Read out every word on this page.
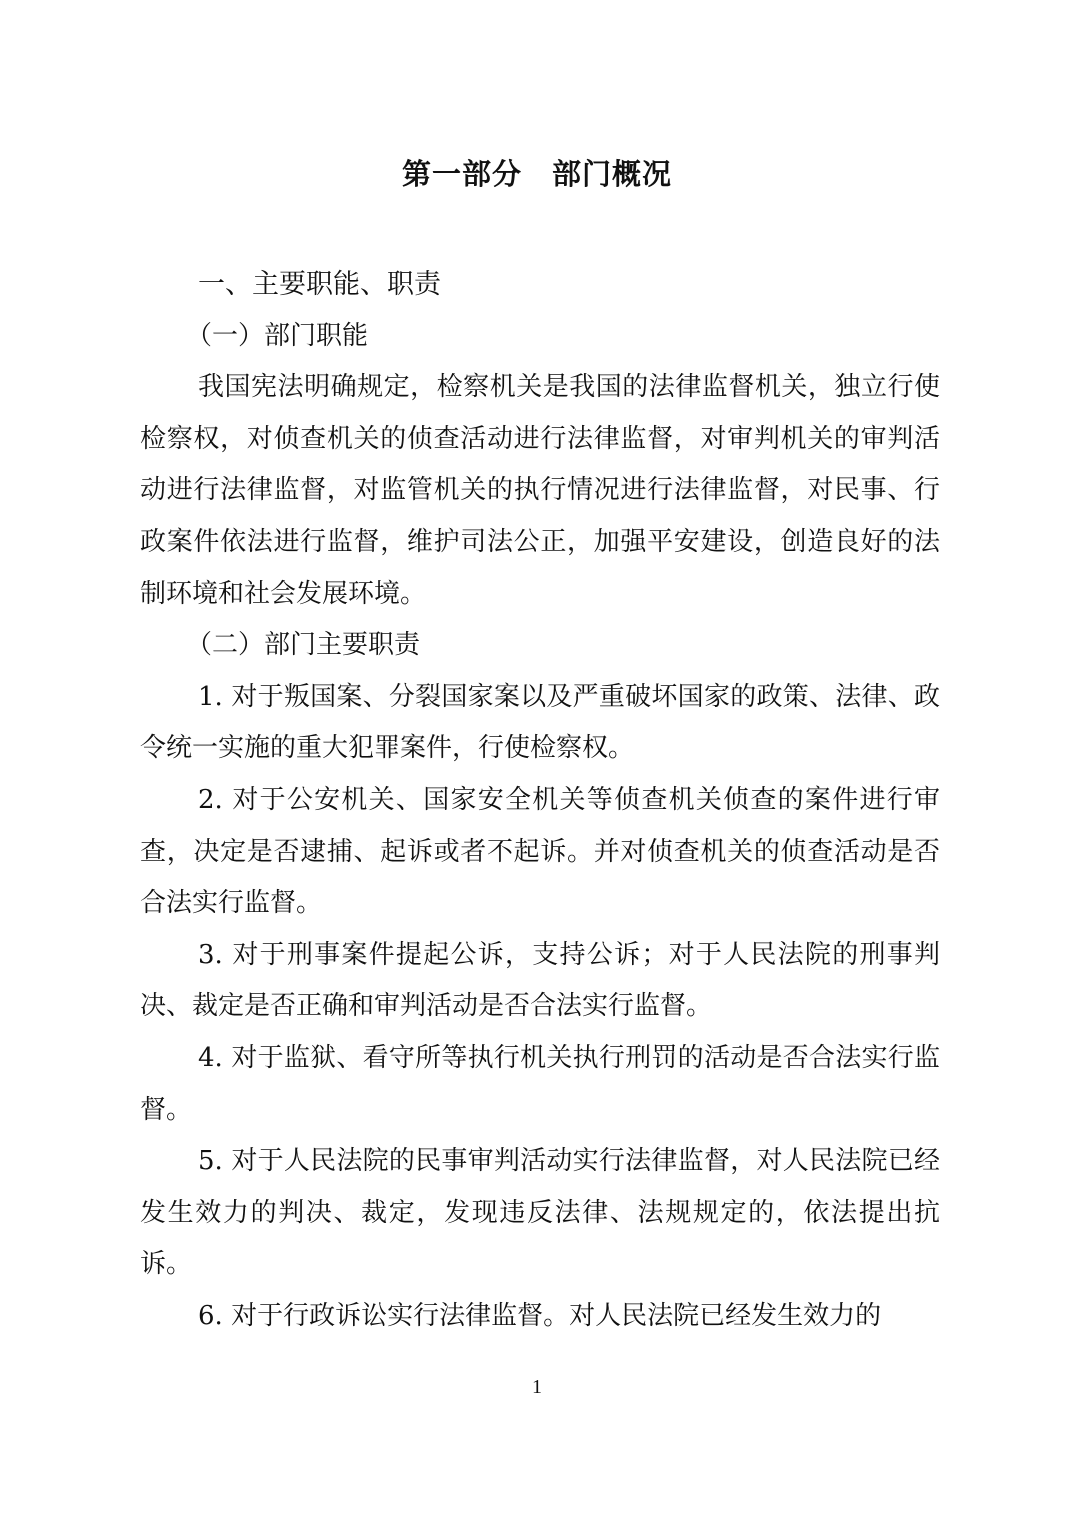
第一部分　部门概况

一、主要职能、职责

（一）部门职能

我国宪法明确规定，检察机关是我国的法律监督机关，独立行使检察权，对侦查机关的侦查活动进行法律监督，对审判机关的审判活动进行法律监督，对监管机关的执行情况进行法律监督，对民事、行政案件依法进行监督，维护司法公正，加强平安建设，创造良好的法制环境和社会发展环境。

（二）部门主要职责

1. 对于叛国案、分裂国家案以及严重破坏国家的政策、法律、政令统一实施的重大犯罪案件，行使检察权。

2. 对于公安机关、国家安全机关等侦查机关侦查的案件进行审查，决定是否逮捕、起诉或者不起诉。并对侦查机关的侦查活动是否合法实行监督。

3. 对于刑事案件提起公诉，支持公诉；对于人民法院的刑事判决、裁定是否正确和审判活动是否合法实行监督。

4. 对于监狱、看守所等执行机关执行刑罚的活动是否合法实行监督。

5. 对于人民法院的民事审判活动实行法律监督，对人民法院已经发生效力的判决、裁定，发现违反法律、法规规定的，依法提出抗诉。

6. 对于行政诉讼实行法律监督。对人民法院已经发生效力的

1
